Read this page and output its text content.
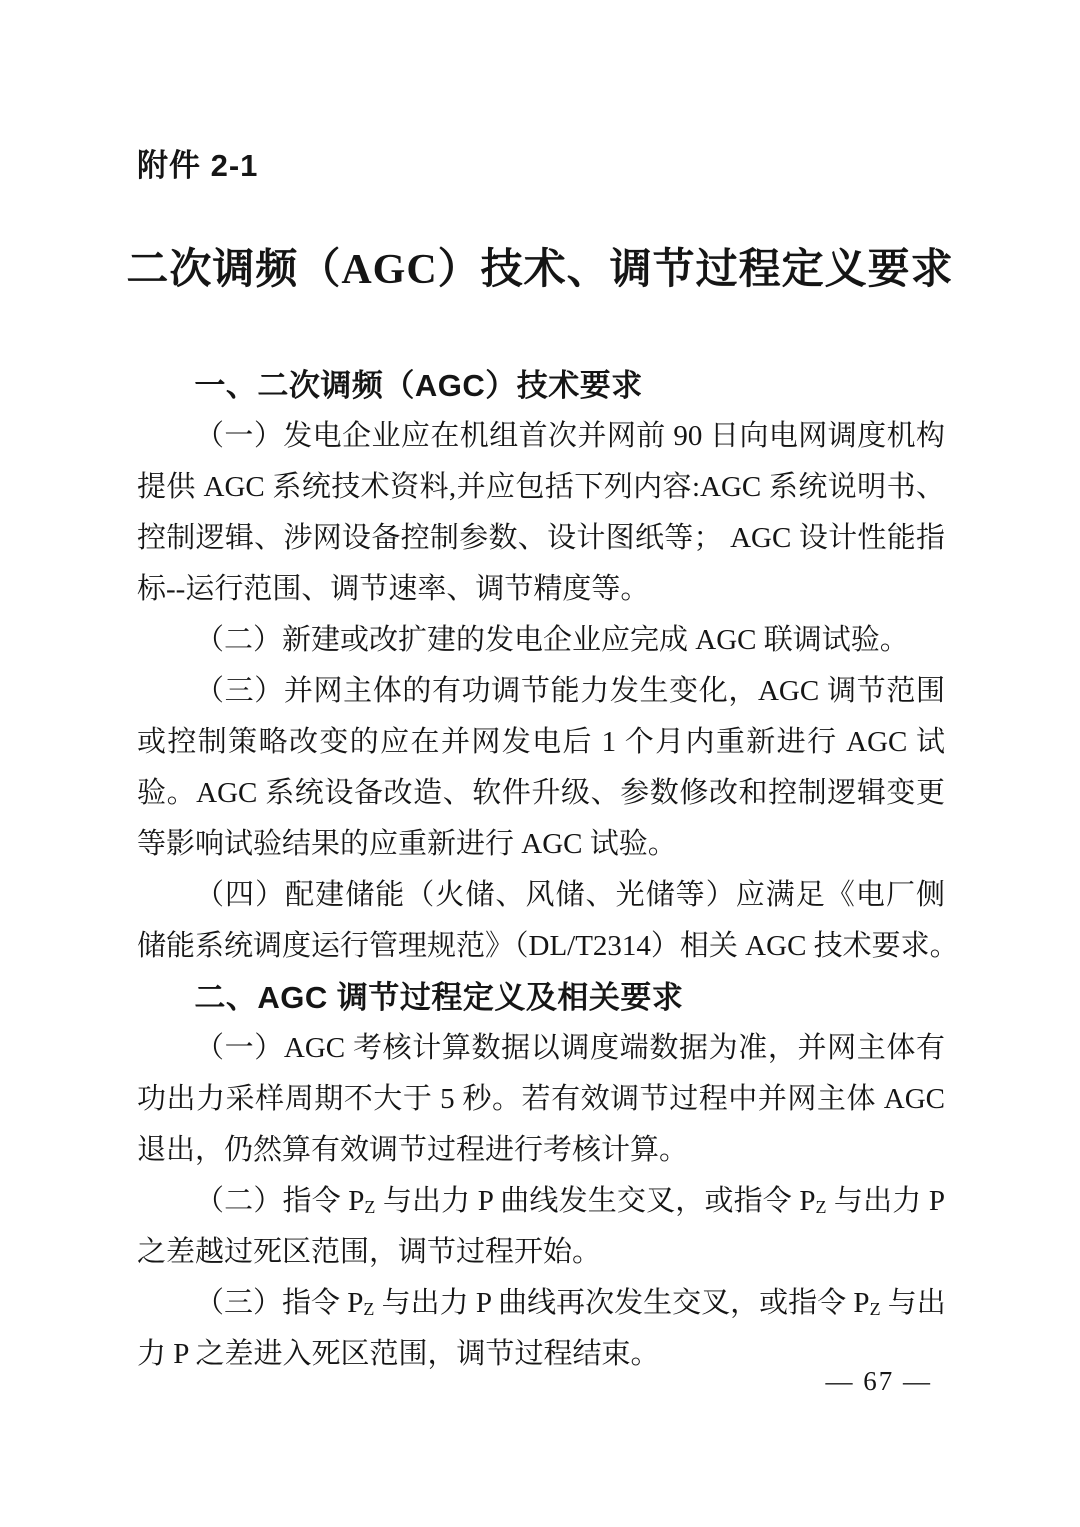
附件 2-1
二次调频（AGC）技术、调节过程定义要求
一、二次调频（AGC）技术要求
（一）发电企业应在机组首次并网前 90 日向电网调度机构
提供 AGC 系统技术资料,并应包括下列内容:AGC 系统说明书、
控制逻辑、涉网设备控制参数、设计图纸等； AGC 设计性能指
标--运行范围、调节速率、调节精度等。
（二）新建或改扩建的发电企业应完成 AGC 联调试验。
（三）并网主体的有功调节能力发生变化，AGC 调节范围
或控制策略改变的应在并网发电后 1 个月内重新进行 AGC 试
验。AGC 系统设备改造、软件升级、参数修改和控制逻辑变更
等影响试验结果的应重新进行 AGC 试验。
（四）配建储能（火储、风储、光储等）应满足《电厂侧
储能系统调度运行管理规范》（DL/T2314）相关 AGC 技术要求。
二、AGC 调节过程定义及相关要求
（一）AGC 考核计算数据以调度端数据为准，并网主体有
功出力采样周期不大于 5 秒。若有效调节过程中并网主体 AGC
退出，仍然算有效调节过程进行考核计算。
（二）指令 $P_Z$ 与出力 P 曲线发生交叉，或指令 $P_Z$ 与出力 P
之差越过死区范围，调节过程开始。
（三）指令 $P_Z$ 与出力 P 曲线再次发生交叉，或指令 $P_Z$ 与出
力 P 之差进入死区范围，调节过程结束。
— 67 —
